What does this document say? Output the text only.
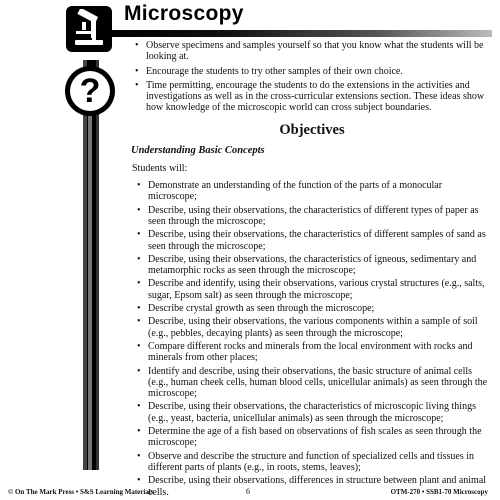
?
Microscopy
• Observe specimens and samples yourself so that you know what the students will be looking at.
• Encourage the students to try other samples of their own choice.
• Time permitting, encourage the students to do the extensions in the activities and investigations as well as in the cross-curricular extensions section. These ideas show how knowledge of the microscopic world can cross subject boundaries.
Objectives
Understanding Basic Concepts
Students will:
• Demonstrate an understanding of the function of the parts of a monocular microscope;
• Describe, using their observations, the characteristics of different types of paper as seen through the microscope;
• Describe, using their observations, the characteristics of different samples of sand as seen through the microscope;
• Describe, using their observations, the characteristics of igneous, sedimentary and metamorphic rocks as seen through the microscope;
• Describe and identify, using their observations, various crystal structures (e.g., salts, sugar, Epsom salt) as seen through the microscope;
• Describe crystal growth as seen through the microscope;
• Describe, using their observations, the various components within a sample of soil (e.g., pebbles, decaying plants) as seen through the microscope;
• Compare different rocks and minerals from the local environment with rocks and minerals from other places;
• Identify and describe, using their observations, the basic structure of animal cells (e.g., human cheek cells, human blood cells, unicellular animals) as seen through the microscope;
• Describe, using their observations, the characteristics of microscopic living things (e.g., yeast, bacteria, unicellular animals) as seen through the microscope;
• Determine the age of a fish based on observations of fish scales as seen through the microscope;
• Observe and describe the structure and function of specialized cells and tissues in different parts of plants (e.g., in roots, stems, leaves);
• Describe, using their observations, differences in structure between plant and animal cells.
© On The Mark Press • S&S Learning Materials	6	OTM-270 • SSB1-70 Microscopy
